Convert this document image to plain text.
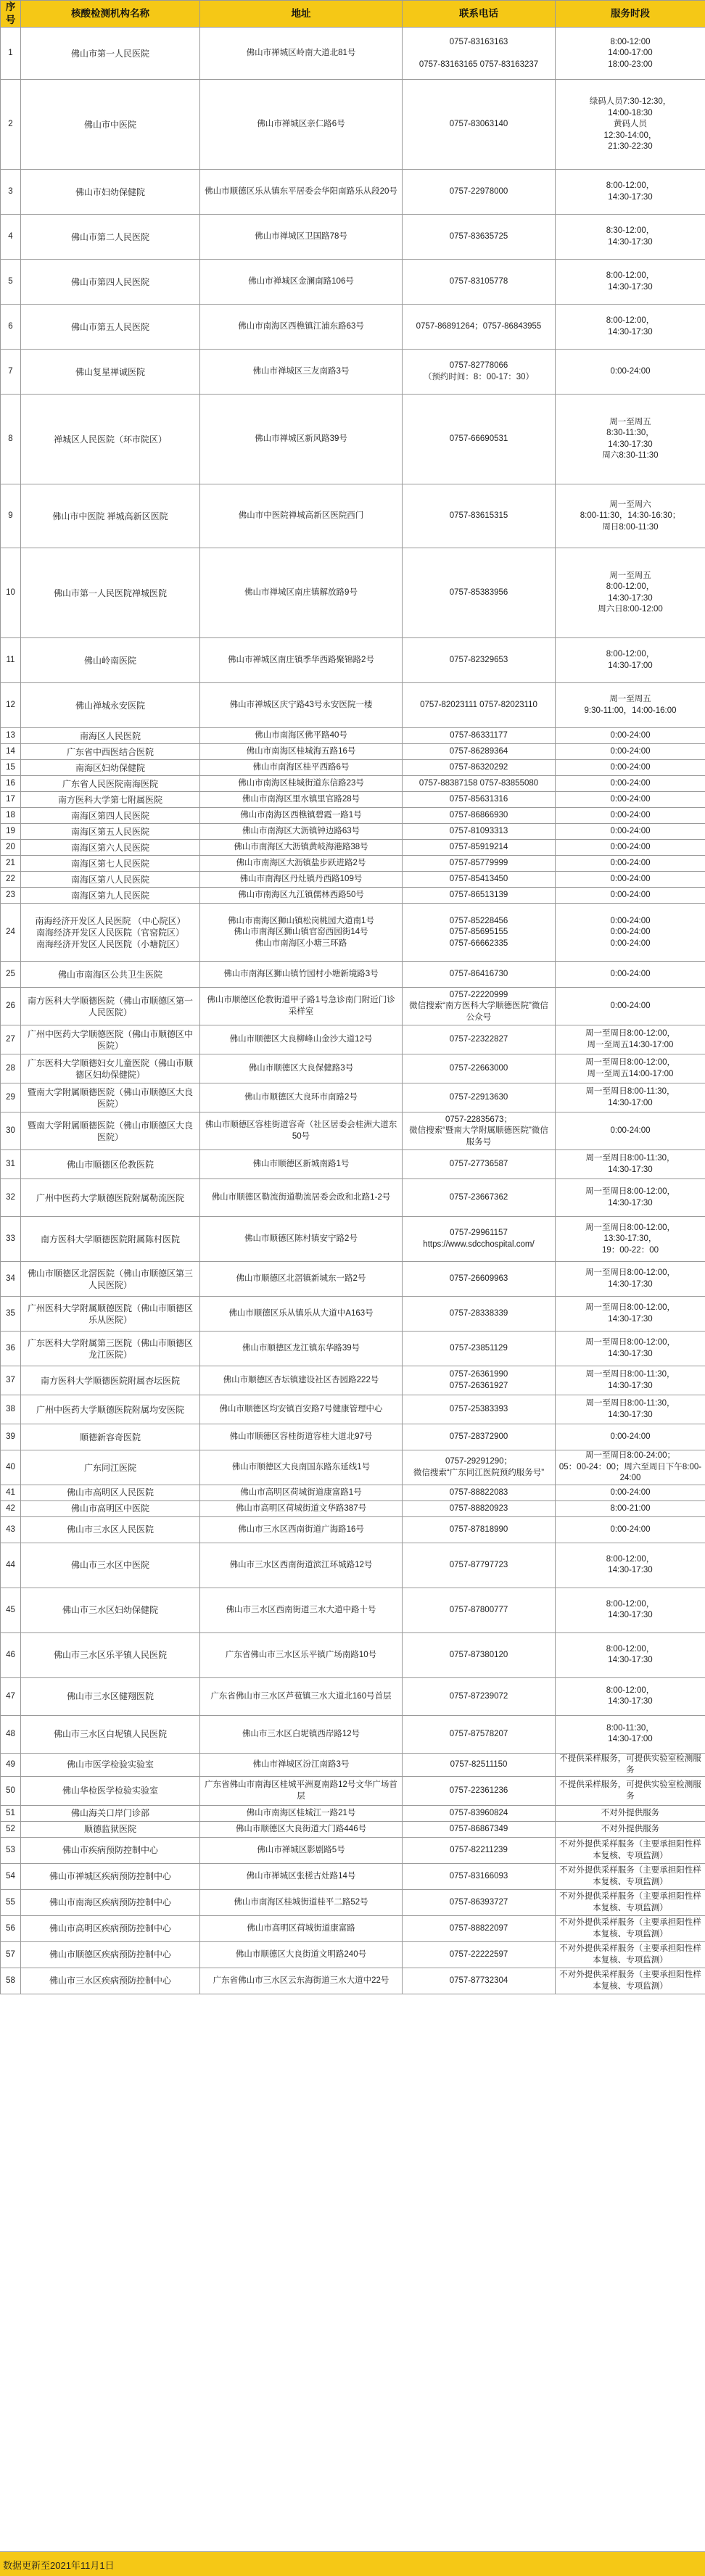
序号	核酸检测机构名称	地址	联系电话	服务时段
1	佛山市第一人民医院	佛山市禅城区岭南大道北81号	0757-83163163

0757-83163165 0757-83163237	8:00-12:00
14:00-17:00
18:00-23:00
2	佛山市中医院	佛山市禅城区亲仁路6号	0757-83063140	绿码人员7:30-12:30，
14:00-18:30
黄码人员
12:30-14:00，
21:30-22:30
3	佛山市妇幼保健院	佛山市顺德区乐从镇东平居委会华阳南路乐从段20号	0757-22978000	8:00-12:00，
14:30-17:30
4	佛山市第二人民医院	佛山市禅城区卫国路78号	0757-83635725	8:30-12:00，
14:30-17:30
5	佛山市第四人民医院	佛山市禅城区金澜南路106号	0757-83105778	8:00-12:00，
14:30-17:30
6	佛山市第五人民医院	佛山市南海区西樵镇江浦东路63号	0757-86891264；0757-86843955	8:00-12:00，
14:30-17:30
7	佛山复星禅诚医院	佛山市禅城区三友南路3号	0757-82778066
（预约时间：8：00-17：30）	0:00-24:00
8	禅城区人民医院（环市院区）	佛山市禅城区新风路39号	0757-66690531	周一至周五
8:30-11:30，
14:30-17:30
周六8:30-11:30
9	佛山市中医院 禅城高新区医院	佛山市中医院禅城高新区医院西门	0757-83615315	周一至周六
8:00-11:30，14:30-16:30；
周日8:00-11:30
10	佛山市第一人民医院禅城医院	佛山市禅城区南庄镇解放路9号	0757-85383956	周一至周五
8:00-12:00，
14:30-17:30
周六日8:00-12:00
11	佛山岭南医院	佛山市禅城区南庄镇季华西路聚锦路2号	0757-82329653	8:00-12:00，
14:30-17:00
12	佛山禅城永安医院	佛山市禅城区庆宁路43号永安医院一楼	0757-82023111 0757-82023110	周一至周五
9:30-11:00，14:00-16:00
13	南海区人民医院	佛山市南海区佛平路40号	0757-86331177	0:00-24:00
14	广东省中西医结合医院	佛山市南海区桂城海五路16号	0757-86289364	0:00-24:00
15	南海区妇幼保健院	佛山市南海区桂平西路6号	0757-86320292	0:00-24:00
16	广东省人民医院南海医院	佛山市南海区桂城街道东信路23号	0757-88387158 0757-83855080	0:00-24:00
17	南方医科大学第七附属医院	佛山市南海区里水镇里官路28号	0757-85631316	0:00-24:00
18	南海区第四人民医院	佛山市南海区西樵镇碧霞一路1号	0757-86866930	0:00-24:00
19	南海区第五人民医院	佛山市南海区大沥镇钟边路63号	0757-81093313	0:00-24:00
20	南海区第六人民医院	佛山市南海区大沥镇黄岐海港路38号	0757-85919214	0:00-24:00
21	南海区第七人民医院	佛山市南海区大沥镇盐步跃进路2号	0757-85779999	0:00-24:00
22	南海区第八人民医院	佛山市南海区丹灶镇丹西路109号	0757-85413450	0:00-24:00
23	南海区第九人民医院	佛山市南海区九江镇儒林西路50号	0757-86513139	0:00-24:00
24	南海经济开发区人民医院 （中心院区）
南海经济开发区人民医院（官窑院区）
南海经济开发区人民医院（小塘院区）	佛山市南海区狮山镇松岗桃园大道南1号
佛山市南海区狮山镇官窑西园街14号
佛山市南海区小塘三环路	0757-85228456
0757-85695155
0757-66662335	0:00-24:00
0:00-24:00
0:00-24:00
25	佛山市南海区公共卫生医院	佛山市南海区狮山镇竹园村小塘新境路3号	0757-86416730	0:00-24:00
26	南方医科大学顺德医院（佛山市顺德区第一人民医院）	佛山市顺德区伦教街道甲子路1号急诊南门附近门诊采样室	0757-22220999
微信搜索“南方医科大学顺德医院”微信公众号	0:00-24:00
27	广州中医药大学顺德医院（佛山市顺德区中医院）	佛山市顺德区大良柳峰山金沙大道12号	0757-22322827	周一至周日8:00-12:00，
周一至周五14:30-17:00
28	广东医科大学顺德妇女儿童医院（佛山市顺德区妇幼保健院）	佛山市顺德区大良保健路3号	0757-22663000	周一至周日8:00-12:00，
周一至周五14:00-17:00
29	暨南大学附属顺德医院（佛山市顺德区大良医院）	佛山市顺德区大良环市南路2号	0757-22913630	周一至周日8:00-11:30，
14:30-17:00
30	暨南大学附属顺德医院（佛山市顺德区大良医院）	佛山市顺德区容桂街道容奇（社区居委会桂洲大道东50号	0757-22835673；
微信搜索“暨南大学附属顺德医院”微信服务号	0:00-24:00
31	佛山市顺德区伦教医院	佛山市顺德区新城南路1号	0757-27736587	周一至周日8:00-11:30，
14:30-17:30
32	广州中医药大学顺德医院附属勒流医院	佛山市顺德区勒流街道勒流居委会政和北路1-2号	0757-23667362	周一至周日8:00-12:00，
14:30-17:30
33	南方医科大学顺德医院附属陈村医院	佛山市顺德区陈村镇安宁路2号	0757-29961157
https://www.sdcchospital.com/	周一至周日8:00-12:00，
13:30-17:30，
19：00-22：00
34	佛山市顺德区北滘医院（佛山市顺德区第三人民医院）	佛山市顺德区北滘镇新城东一路2号	0757-26609963	周一至周日8:00-12:00，
14:30-17:30
35	广州医科大学附属顺德医院（佛山市顺德区乐从医院）	佛山市顺德区乐从镇乐从大道中A163号	0757-28338339	周一至周日8:00-12:00，
14:30-17:30
36	广东医科大学附属第三医院（佛山市顺德区龙江医院）	佛山市顺德区龙江镇东华路39号	0757-23851129	周一至周日8:00-12:00，
14:30-17:30
37	南方医科大学顺德医院附属杏坛医院	佛山市顺德区杏坛镇建设社区杏园路222号	0757-26361990
0757-26361927	周一至周日8:00-11:30，
14:30-17:30
38	广州中医药大学顺德医院附属均安医院	佛山市顺德区均安镇百安路7号健康管理中心	0757-25383393	周一至周日8:00-11:30，
14:30-17:30
39	顺德新容奇医院	佛山市顺德区容桂街道容桂大道北97号	0757-28372900	0:00-24:00
40	广东同江医院	佛山市顺德区大良南国东路东延线1号	0757-29291290；
微信搜索“广东同江医院预约服务号”	周一至周日8:00-24:00；
05：00-24：00；周六至周日下午8:00-24:00
41	佛山市高明区人民医院	佛山市高明区荷城街道康富路1号	0757-88822083	0:00-24:00
42	佛山市高明区中医院	佛山市高明区荷城街道文华路387号	0757-88820923	8:00-21:00
43	佛山市三水区人民医院	佛山市三水区西南街道广海路16号	0757-87818990	0:00-24:00
44	佛山市三水区中医院	佛山市三水区西南街道滨江环城路12号	0757-87797723	8:00-12:00，
14:30-17:30
45	佛山市三水区妇幼保健院	佛山市三水区西南街道三水大道中路十号	0757-87800777	8:00-12:00，
14:30-17:30
46	佛山市三水区乐平镇人民医院	广东省佛山市三水区乐平镇广场南路10号	0757-87380120	8:00-12:00，
14:30-17:30
47	佛山市三水区健翔医院	广东省佛山市三水区芦苞镇三水大道北160号首层	0757-87239072	8:00-12:00，
14:30-17:30
48	佛山市三水区白坭镇人民医院	佛山市三水区白坭镇西岸路12号	0757-87578207	8:00-11:30，
14:30-17:00
49	佛山市医学检验实验室	佛山市禅城区汾江南路3号	0757-82511150	不提供采样服务，可提供实验室检测服务
50	佛山华检医学检验实验室	广东省佛山市南海区桂城平洲夏南路12号文华广场首层	0757-22361236	不提供采样服务，可提供实验室检测服务
51	佛山海关口岸门诊部	佛山市南海区桂城江一路21号	0757-83960824	不对外提供服务
52	顺德监狱医院	佛山市顺德区大良街道大门路446号	0757-86867349	不对外提供服务
53	佛山市疾病预防控制中心	佛山市禅城区影剧路5号	0757-82211239	不对外提供采样服务（主要承担阳性样本复核、专项监测）
54	佛山市禅城区疾病预防控制中心	佛山市禅城区张槎古灶路14号	0757-83166093	不对外提供采样服务（主要承担阳性样本复核、专项监测）
55	佛山市南海区疾病预防控制中心	佛山市南海区桂城街道桂平二路52号	0757-86393727	不对外提供采样服务（主要承担阳性样本复核、专项监测）
56	佛山市高明区疾病预防控制中心	佛山市高明区荷城街道康富路	0757-88822097	不对外提供采样服务（主要承担阳性样本复核、专项监测）
57	佛山市顺德区疾病预防控制中心	佛山市顺德区大良街道文明路240号	0757-22222597	不对外提供采样服务（主要承担阳性样本复核、专项监测）
58	佛山市三水区疾病预防控制中心	广东省佛山市三水区云东海街道三水大道中22号	0757-87732304	不对外提供采样服务（主要承担阳性样本复核、专项监测）
数据更新至2021年11月1日
